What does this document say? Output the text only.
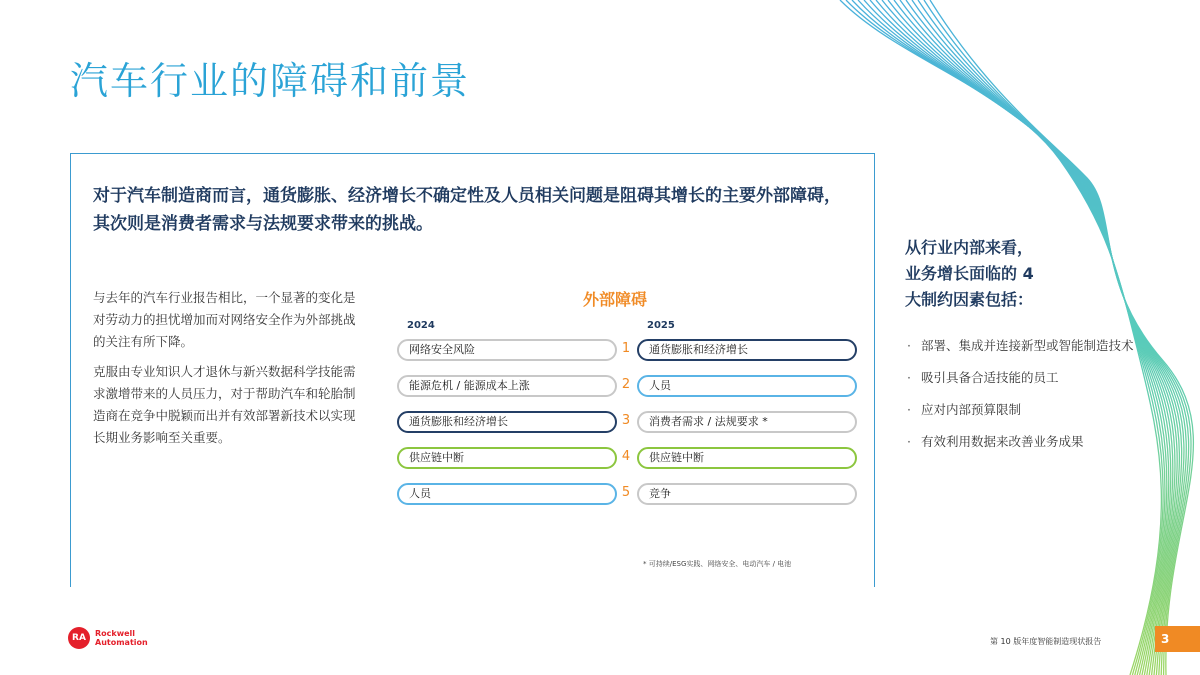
汽车行业的障碍和前景
对于汽车制造商而言，通货膨胀、经济增长不确定性及人员相关问题是阻碍其增长的主要外部障碍，其次则是消费者需求与法规要求带来的挑战。

与去年的汽车行业报告相比，一个显著的变化是对劳动力的担忧增加而对网络安全作为外部挑战的关注有所下降。

克服由专业知识人才退休与新兴数据科学技能需求激增带来的人员压力，对于帮助汽车和轮胎制造商在竞争中脱颖而出并有效部署新技术以实现长期业务影响至关重要。

外部障碍
2024	2025
网络安全风险	1	通货膨胀和经济增长
能源危机 / 能源成本上涨	2	人员
通货膨胀和经济增长	3	消费者需求 / 法规要求 *
供应链中断	4	供应链中断
人员	5	竞争
* 可持续/ESG实践、网络安全、电动汽车 / 电池
从行业内部来看，
业务增长面临的 4
大制约因素包括：
· 部署、集成并连接新型或智能制造技术
· 吸引具备合适技能的员工
· 应对内部预算限制
· 有效利用数据来改善业务成果
RA	Rockwell
Automation	第 10 版年度智能制造现状报告	3
